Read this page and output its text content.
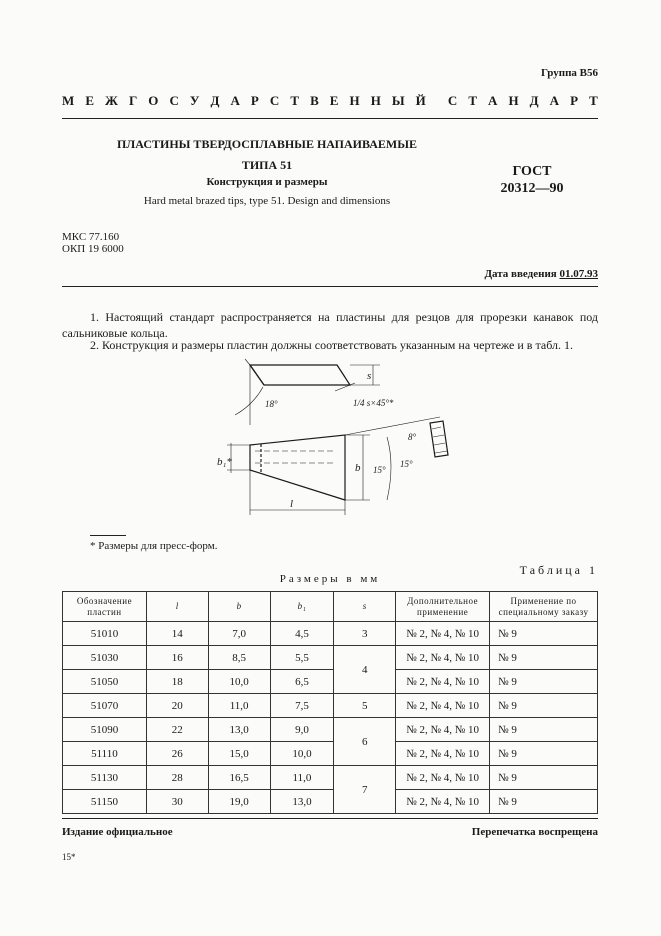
Группа В56
М Е Ж Г О С У Д А Р С Т В Е Н Н Ы Й С Т А Н Д А Р Т
ПЛАСТИНЫ ТВЕРДОСПЛАВНЫЕ НАПАИВАЕМЫЕ
ТИПА 51
Конструкция и размеры
Hard metal brazed tips, type 51. Design and dimensions
ГОСТ
20312—90
МКС 77.160
ОКП 19 6000
Дата введения 01.07.93
1. Настоящий стандарт распространяется на пластины для резцов для прорезки канавок под сальниковые кольца.
2. Конструкция и размеры пластин должны соответствовать указанным на чертеже и в табл. 1.
s
1/4 s×45°*
18°
8°
b₁*	b 15°
15°
l
* Размеры для пресс-форм.
Таблица 1
Размеры в мм
Обозначение пластин	l	b	b₁	s	Дополнительное применение	Применение по специальному заказу
51010	14	7,0	4,5	3	№ 2, № 4, № 10	№ 9
51030	16	8,5	5,5	4	№ 2, № 4, № 10	№ 9
51050	18	10,0	6,5		№ 2, № 4, № 10	№ 9
51070	20	11,0	7,5	5	№ 2, № 4, № 10	№ 9
51090	22	13,0	9,0	6	№ 2, № 4, № 10	№ 9
51110	26	15,0	10,0		№ 2, № 4, № 10	№ 9
51130	28	16,5	11,0	7	№ 2, № 4, № 10	№ 9
51150	30	19,0	13,0		№ 2, № 4, № 10	№ 9
Издание официальное	Перепечатка воспрещена
15*
